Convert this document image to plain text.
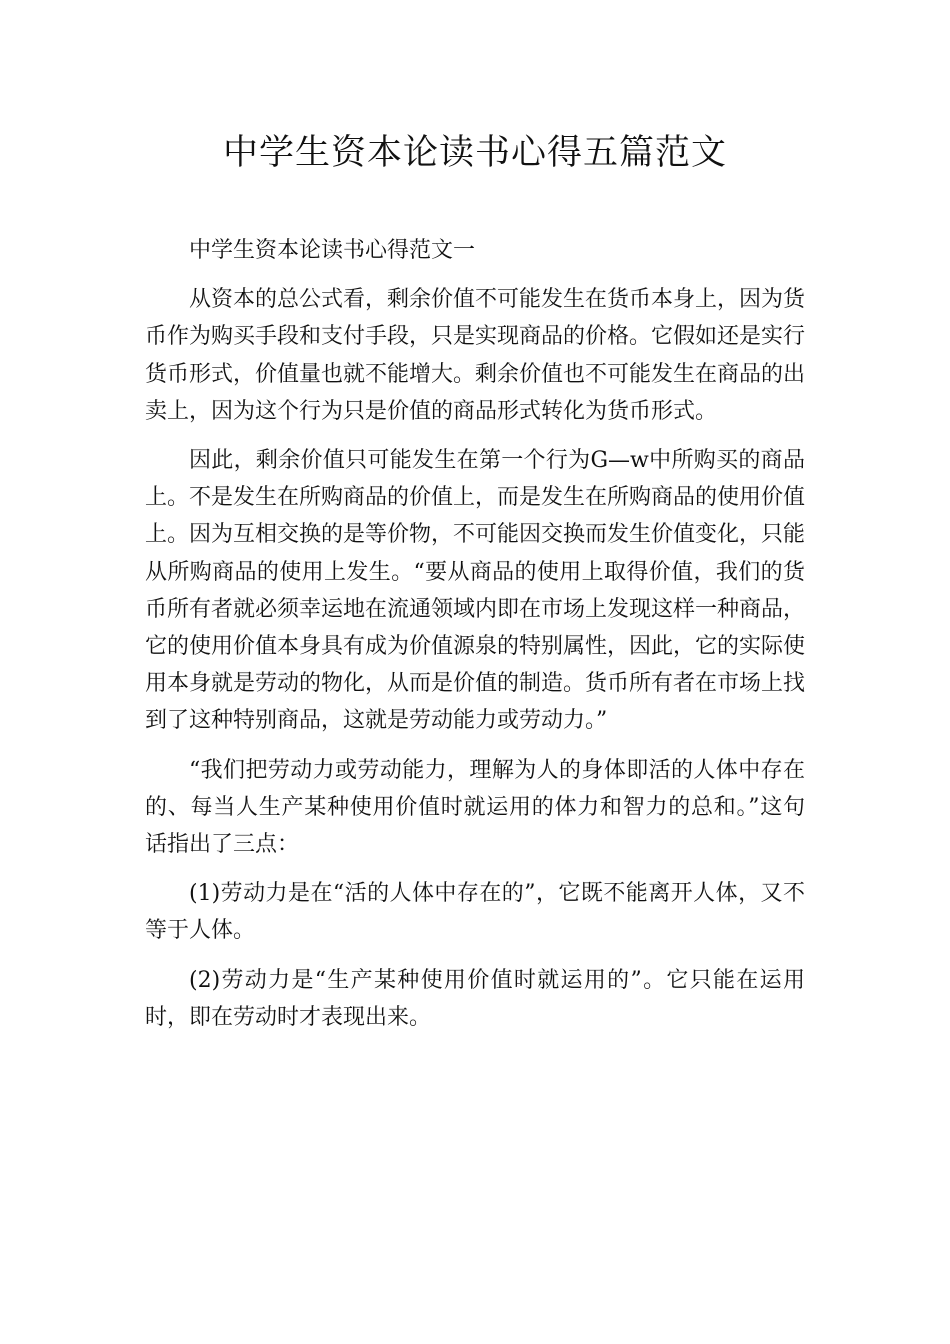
中学生资本论读书心得五篇范文

中学生资本论读书心得范文一

从资本的总公式看，剩余价值不可能发生在货币本身上，因为货币作为购买手段和支付手段，只是实现商品的价格。它假如还是实行货币形式，价值量也就不能增大。剩余价值也不可能发生在商品的出卖上，因为这个行为只是价值的商品形式转化为货币形式。

因此，剩余价值只可能发生在第一个行为G—w中所购买的商品上。不是发生在所购商品的价值上，而是发生在所购商品的使用价值上。因为互相交换的是等价物，不可能因交换而发生价值变化，只能从所购商品的使用上发生。“要从商品的使用上取得价值，我们的货币所有者就必须幸运地在流通领域内即在市场上发现这样一种商品，它的使用价值本身具有成为价值源泉的特别属性，因此，它的实际使用本身就是劳动的物化，从而是价值的制造。货币所有者在市场上找到了这种特别商品，这就是劳动能力或劳动力。”

“我们把劳动力或劳动能力，理解为人的身体即活的人体中存在的、每当人生产某种使用价值时就运用的体力和智力的总和。”这句话指出了三点：

(1)劳动力是在“活的人体中存在的”，它既不能离开人体，又不等于人体。

(2)劳动力是“生产某种使用价值时就运用的”。它只能在运用时，即在劳动时才表现出来。
